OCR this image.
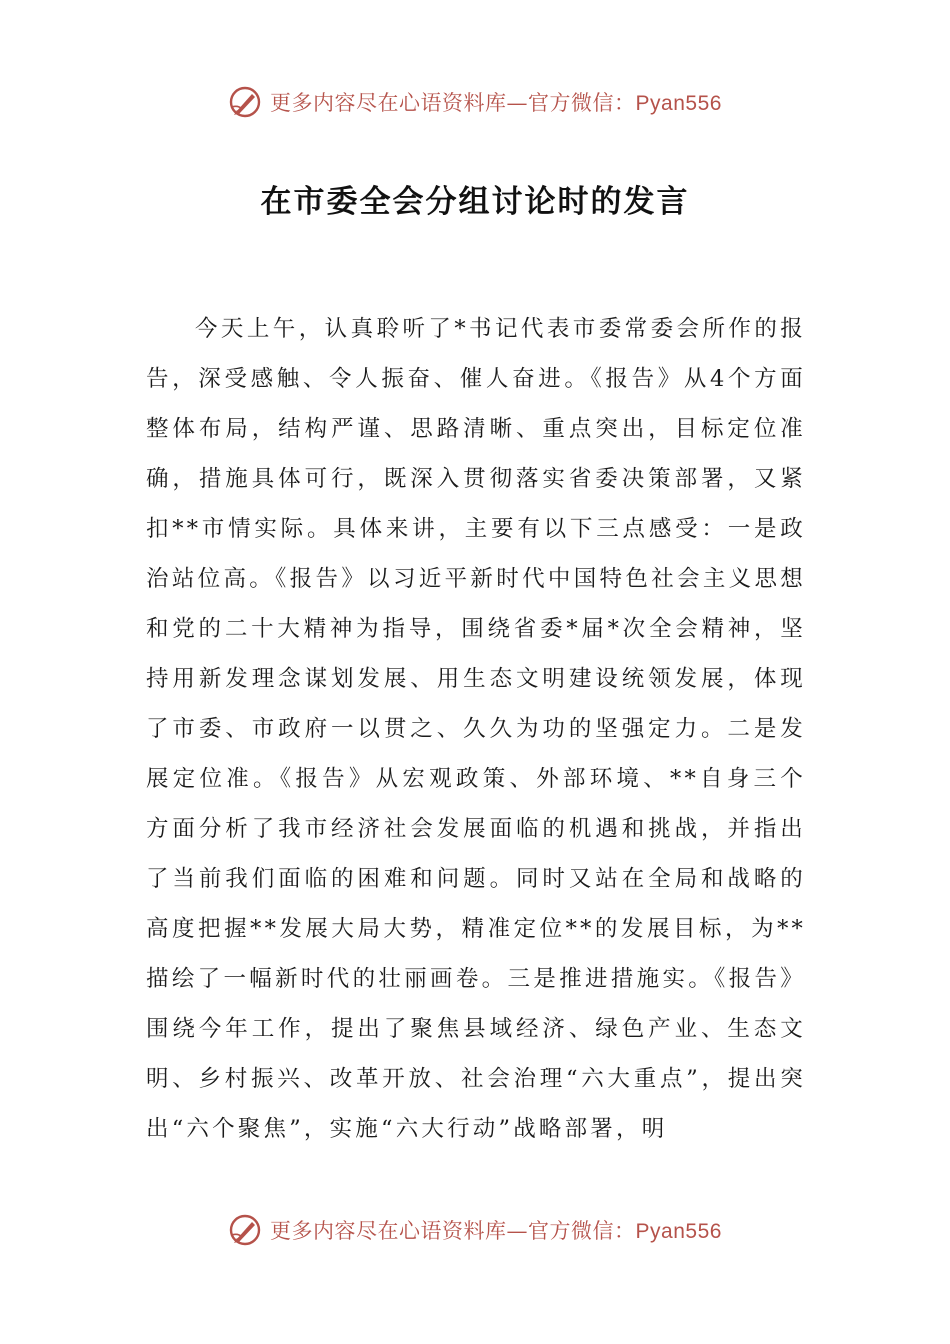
更多内容尽在心语资料库—官方微信：Pyan556
在市委全会分组讨论时的发言

今天上午，认真聆听了*书记代表市委常委会所作的报告，深受感触、令人振奋、催人奋进。《报告》从4个方面整体布局，结构严谨、思路清晰、重点突出，目标定位准确，措施具体可行，既深入贯彻落实省委决策部署，又紧扣**市情实际。具体来讲，主要有以下三点感受：一是政治站位高。《报告》以习近平新时代中国特色社会主义思想和党的二十大精神为指导，围绕省委*届*次全会精神，坚持用新发理念谋划发展、用生态文明建设统领发展，体现了市委、市政府一以贯之、久久为功的坚强定力。二是发展定位准。《报告》从宏观政策、外部环境、**自身三个方面分析了我市经济社会发展面临的机遇和挑战，并指出了当前我们面临的困难和问题。同时又站在全局和战略的高度把握**发展大局大势，精准定位**的发展目标，为**描绘了一幅新时代的壮丽画卷。三是推进措施实。《报告》围绕今年工作，提出了聚焦县域经济、绿色产业、生态文明、乡村振兴、改革开放、社会治理“六大重点”，提出突出“六个聚焦”，实施“六大行动”战略部署，明

更多内容尽在心语资料库—官方微信：Pyan556
